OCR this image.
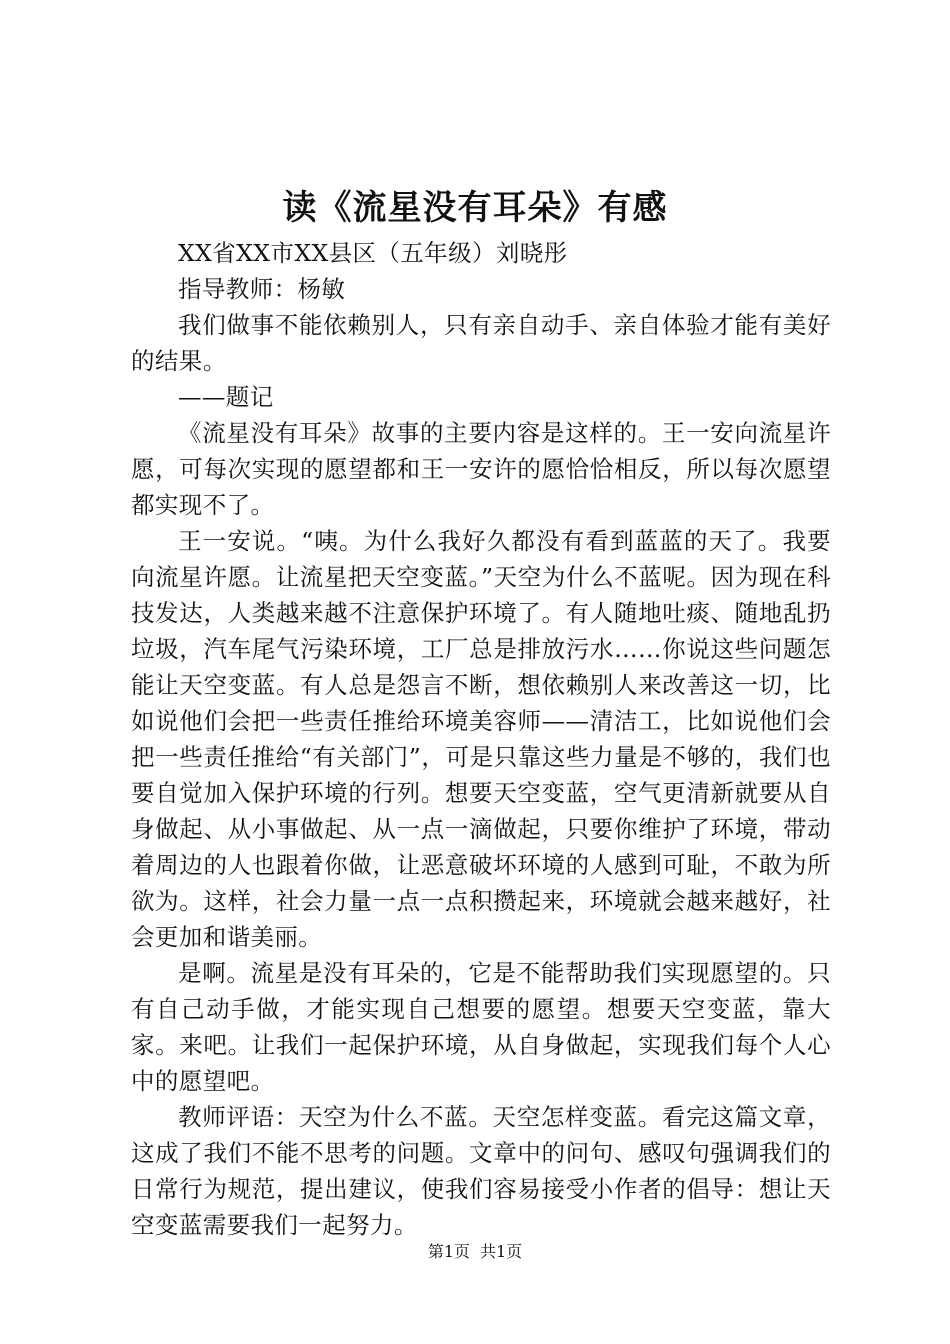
读《流星没有耳朵》有感

XX省XX市XX县区（五年级）刘晓彤

指导教师：杨敏

我们做事不能依赖别人，只有亲自动手、亲自体验才能有美好的结果。

——题记

《流星没有耳朵》故事的主要内容是这样的。王一安向流星许愿，可每次实现的愿望都和王一安许的愿恰恰相反，所以每次愿望都实现不了。

王一安说。“咦。为什么我好久都没有看到蓝蓝的天了。我要向流星许愿。让流星把天空变蓝。”天空为什么不蓝呢。因为现在科技发达，人类越来越不注意保护环境了。有人随地吐痰、随地乱扔垃圾，汽车尾气污染环境，工厂总是排放污水……你说这些问题怎能让天空变蓝。有人总是怨言不断，想依赖别人来改善这一切，比如说他们会把一些责任推给环境美容师——清洁工，比如说他们会把一些责任推给“有关部门”，可是只靠这些力量是不够的，我们也要自觉加入保护环境的行列。想要天空变蓝，空气更清新就要从自身做起、从小事做起、从一点一滴做起，只要你维护了环境，带动着周边的人也跟着你做，让恶意破坏环境的人感到可耻，不敢为所欲为。这样，社会力量一点一点积攒起来，环境就会越来越好，社会更加和谐美丽。

是啊。流星是没有耳朵的，它是不能帮助我们实现愿望的。只有自己动手做，才能实现自己想要的愿望。想要天空变蓝，靠大家。来吧。让我们一起保护环境，从自身做起，实现我们每个人心中的愿望吧。

教师评语：天空为什么不蓝。天空怎样变蓝。看完这篇文章，这成了我们不能不思考的问题。文章中的问句、感叹句强调我们的日常行为规范，提出建议，使我们容易接受小作者的倡导：想让天空变蓝需要我们一起努力。

第1页 共1页
